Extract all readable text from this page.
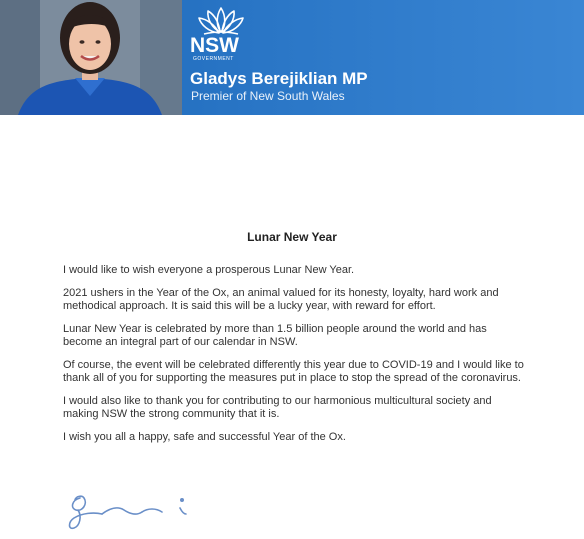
NSW
GOVERNMENT
Gladys Berejiklian MP
Premier of New South Wales
Lunar New Year

I would like to wish everyone a prosperous Lunar New Year.

2021 ushers in the Year of the Ox, an animal valued for its honesty, loyalty, hard work and methodical approach. It is said this will be a lucky year, with reward for effort.

Lunar New Year is celebrated by more than 1.5 billion people around the world and has become an integral part of our calendar in NSW.

Of course, the event will be celebrated differently this year due to COVID-19 and I would like to thank all of you for supporting the measures put in place to stop the spread of the coronavirus.

I would also like to thank you for contributing to our harmonious multicultural society and making NSW the strong community that it is.

I wish you all a happy, safe and successful Year of the Ox.
